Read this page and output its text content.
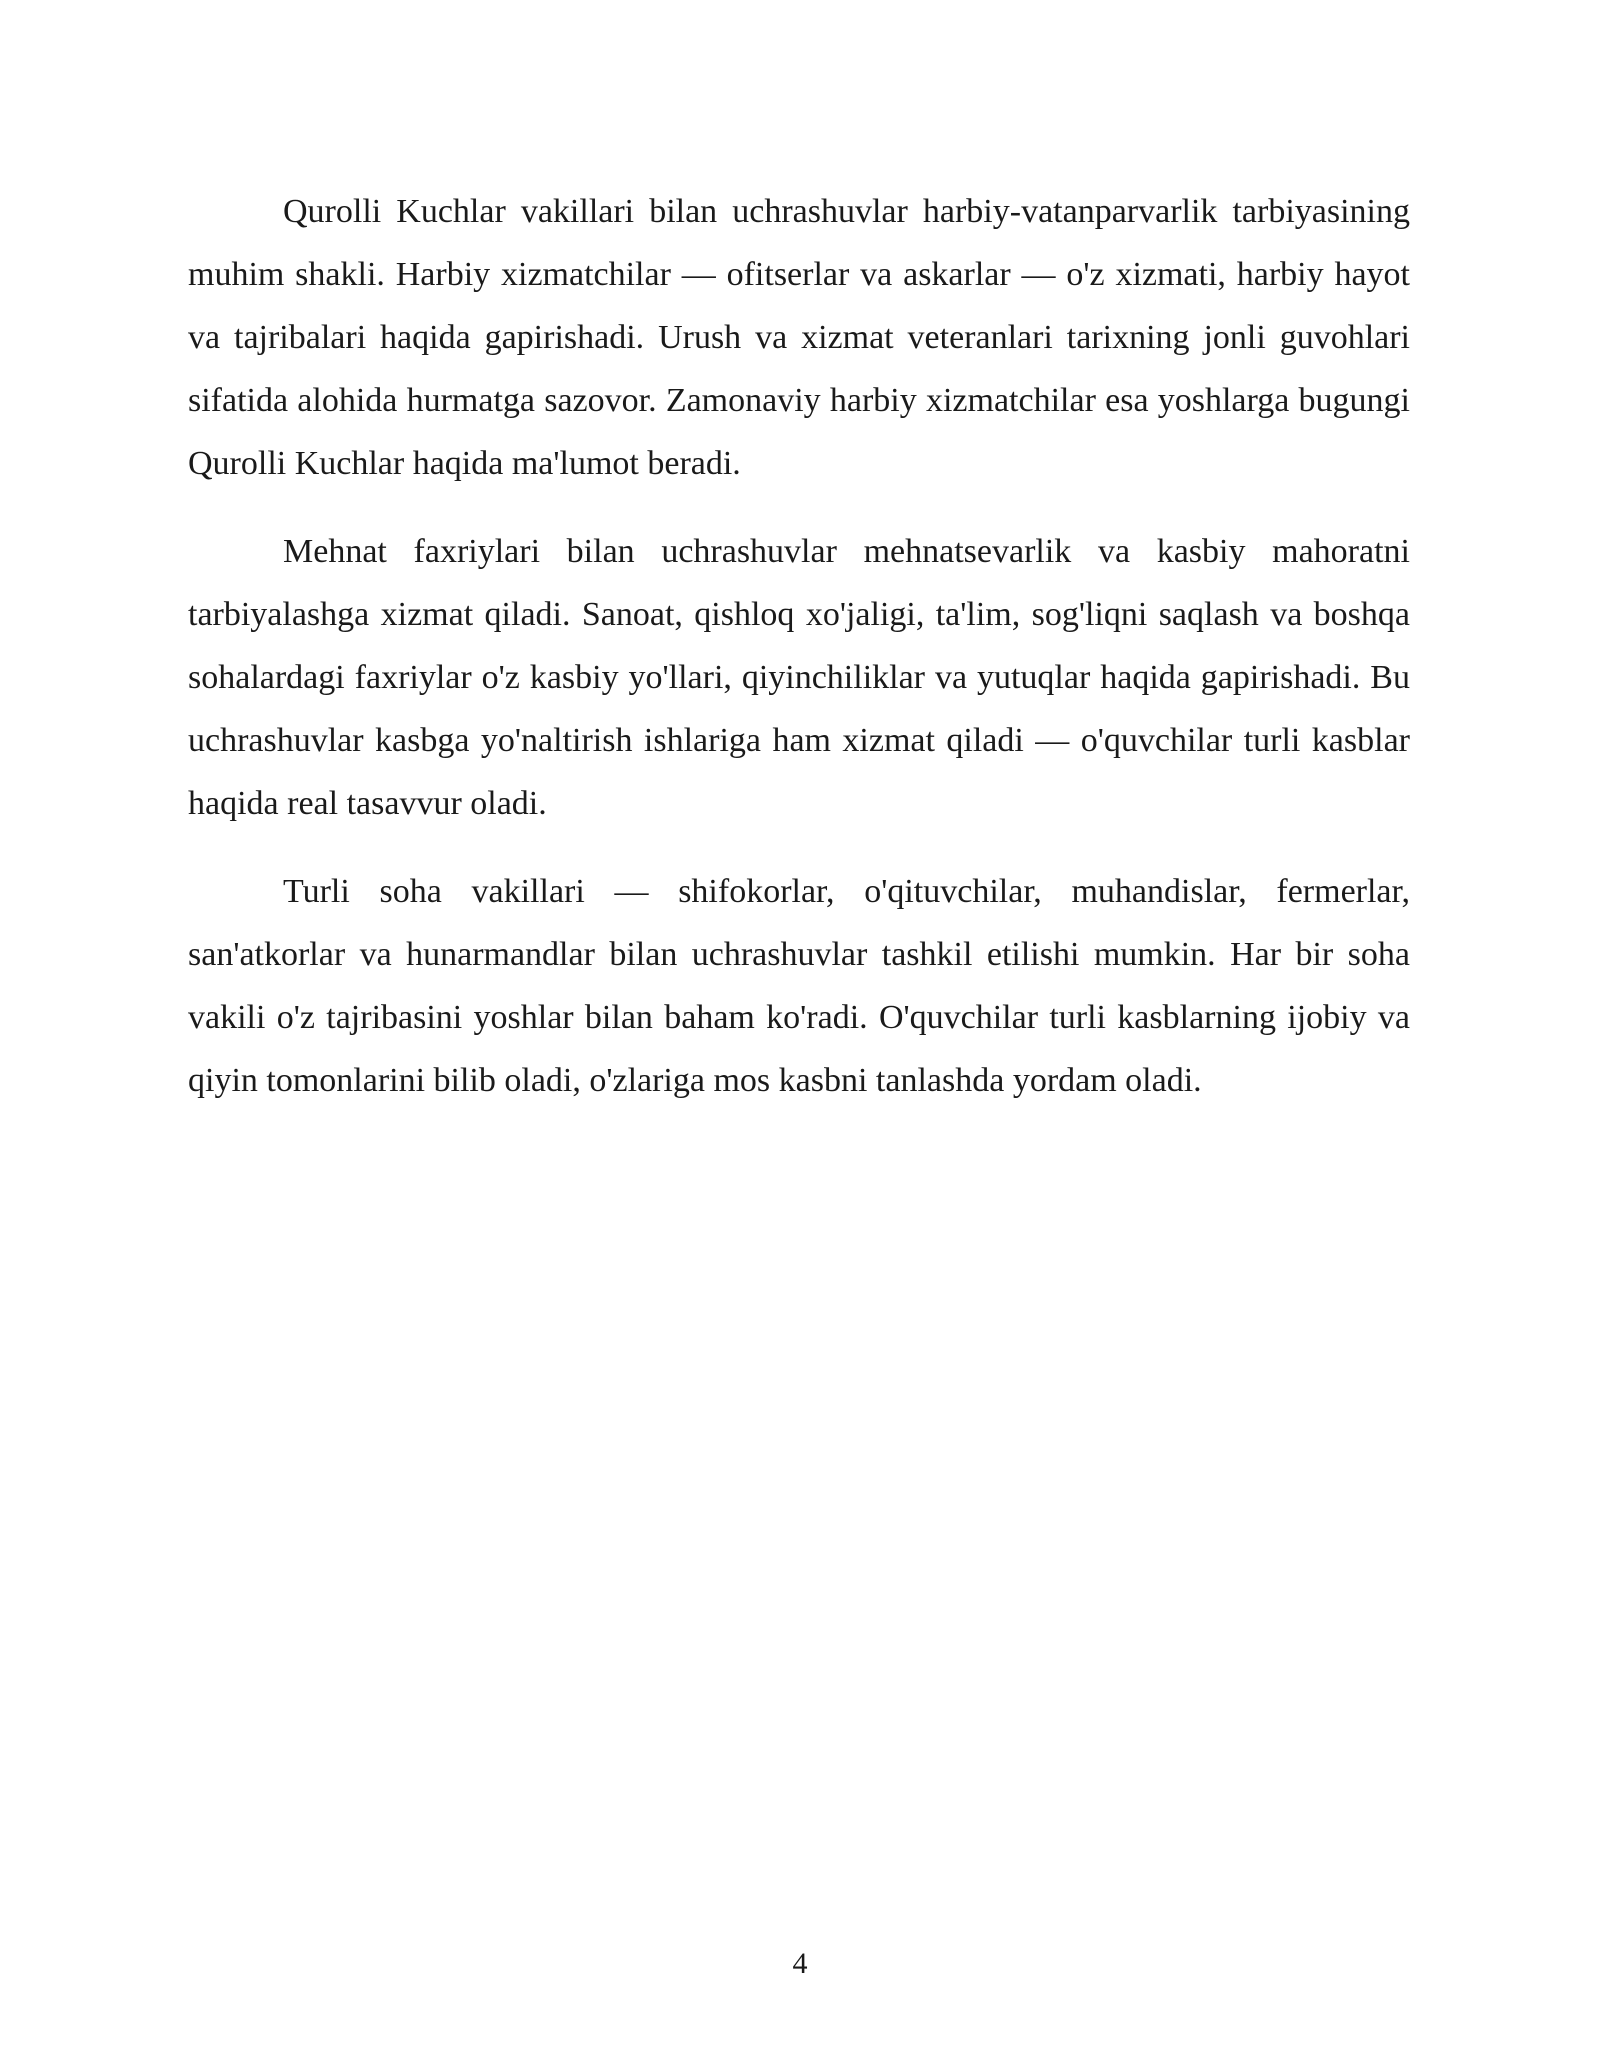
Qurolli Kuchlar vakillari bilan uchrashuvlar harbiy-vatanparvarlik tarbiyasining muhim shakli. Harbiy xizmatchilar — ofitserlar va askarlar — o'z xizmati, harbiy hayot va tajribalari haqida gapirishadi. Urush va xizmat veteranlari tarixning jonli guvohlari sifatida alohida hurmatga sazovor. Zamonaviy harbiy xizmatchilar esa yoshlarga bugungi Qurolli Kuchlar haqida ma'lumot beradi.

Mehnat faxriylari bilan uchrashuvlar mehnatsevarlik va kasbiy mahoratni tarbiyalashga xizmat qiladi. Sanoat, qishloq xo'jaligi, ta'lim, sog'liqni saqlash va boshqa sohalardagi faxriylar o'z kasbiy yo'llari, qiyinchiliklar va yutuqlar haqida gapirishadi. Bu uchrashuvlar kasbga yo'naltirish ishlariga ham xizmat qiladi — o'quvchilar turli kasblar haqida real tasavvur oladi.

Turli soha vakillari — shifokorlar, o'qituvchilar, muhandislar, fermerlar, san'atkorlar va hunarmandlar bilan uchrashuvlar tashkil etilishi mumkin. Har bir soha vakili o'z tajribasini yoshlar bilan baham ko'radi. O'quvchilar turli kasblarning ijobiy va qiyin tomonlarini bilib oladi, o'zlariga mos kasbni tanlashda yordam oladi.

4
